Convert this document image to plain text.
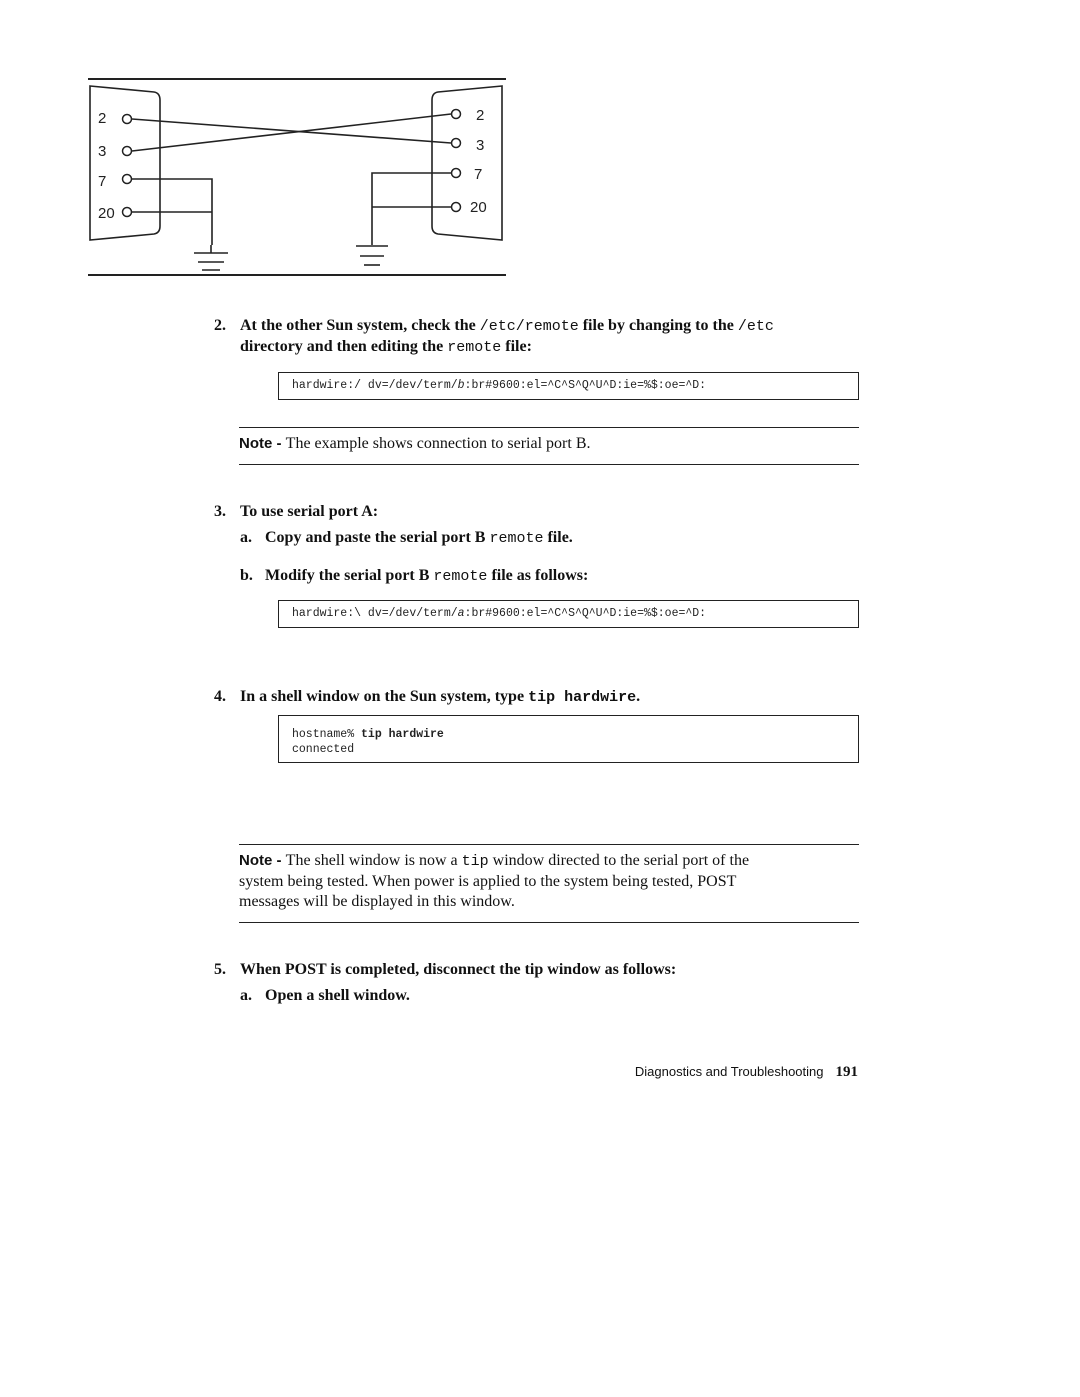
2
3
7
20
2
3
7
20
2. At the other Sun system, check the /etc/remote file by changing to the /etc
directory and then editing the remote file:
hardwire:/ dv=/dev/term/b:br#9600:el=^C^S^Q^U^D:ie=%$:oe=^D:
Note - The example shows connection to serial port B.
3. To use serial port A:
a. Copy and paste the serial port B remote file.
b. Modify the serial port B remote file as follows:
hardwire:\ dv=/dev/term/a:br#9600:el=^C^S^Q^U^D:ie=%$:oe=^D:
4. In a shell window on the Sun system, type tip hardwire.
hostname% tip hardwire
connected
Note - The shell window is now a tip window directed to the serial port of the
system being tested. When power is applied to the system being tested, POST
messages will be displayed in this window.
5. When POST is completed, disconnect the tip window as follows:
a. Open a shell window.
Diagnostics and Troubleshooting 191
